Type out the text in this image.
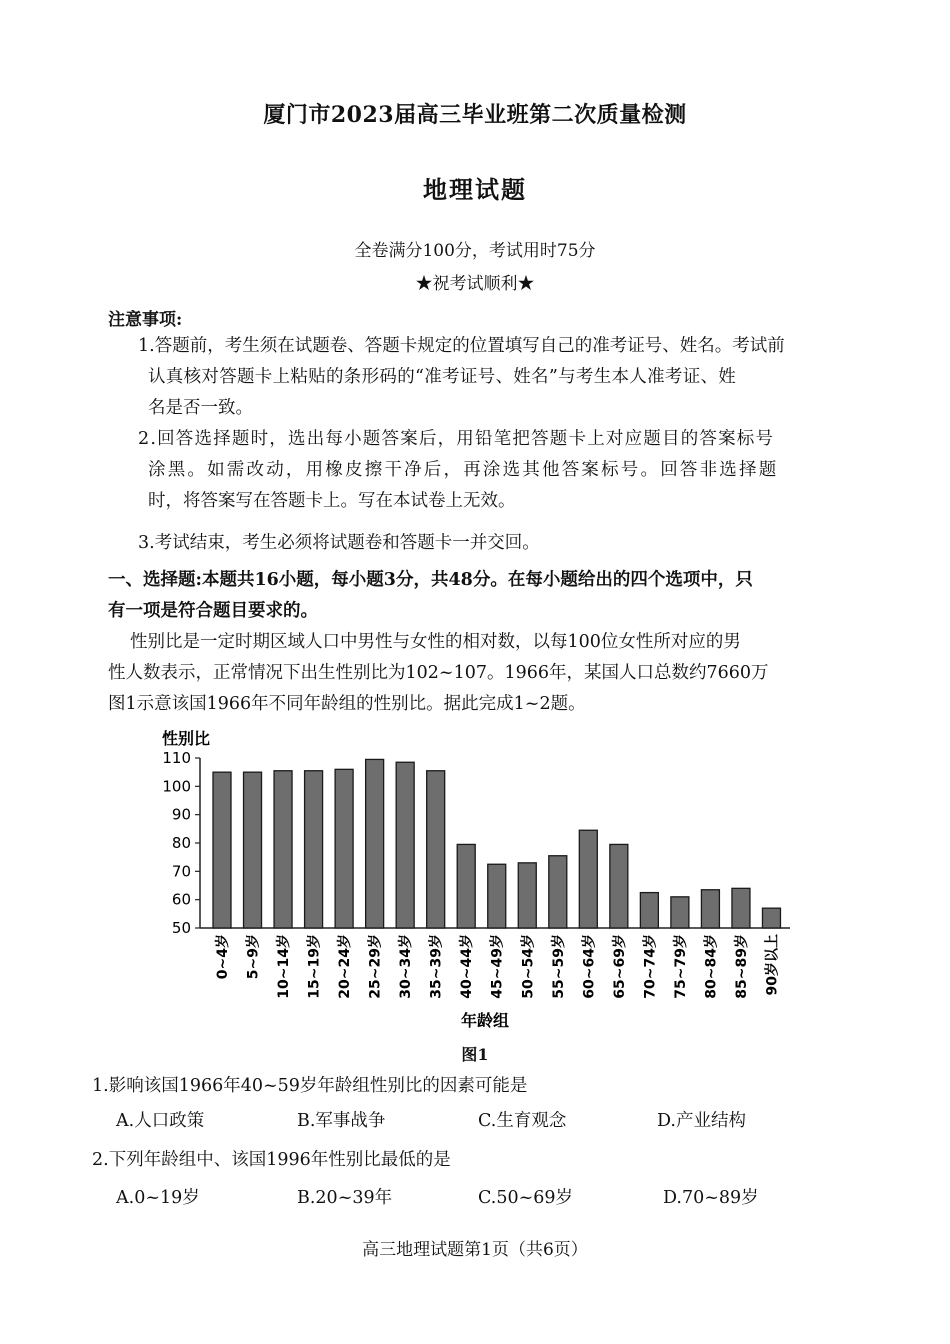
厦门市2023届高三毕业班第二次质量检测
地理试题
全卷满分100分，考试用时75分
★祝考试顺利★
注意事项:
1.答题前，考生须在试题卷、答题卡规定的位置填写自己的准考证号、姓名。考试前
认真核对答题卡上粘贴的条形码的“准考证号、姓名”与考生本人准考证、姓
名是否一致。
2.回答选择题时，选出每小题答案后，用铅笔把答题卡上对应题目的答案标号
涂黑。如需改动，用橡皮擦干净后，再涂选其他答案标号。回答非选择题
时，将答案写在答题卡上。写在本试卷上无效。
3.考试结束，考生必须将试题卷和答题卡一并交回。
一、选择题:本题共16小题，每小题3分，共48分。在每小题给出的四个选项中，只
有一项是符合题目要求的。
性别比是一定时期区域人口中男性与女性的相对数，以每100位女性所对应的男
性人数表示，正常情况下出生性别比为102~107。1966年，某国人口总数约7660万
图1示意该国1966年不同年龄组的性别比。据此完成1~2题。
性别比
50
60
70
80
90
100
110
0~4岁 5~9岁 10~14岁 15~19岁 20~24岁 25~29岁 30~34岁 35~39岁 40~44岁 45~49岁 50~54岁 55~59岁 60~64岁 65~69岁 70~74岁 75~79岁 80~84岁 85~89岁 90岁以上
年龄组
图1
1.影响该国1966年40~59岁年龄组性别比的因素可能是
A.人口政策	B.军事战争	C.生育观念	D.产业结构
2.下列年龄组中、该国1996年性别比最低的是
A.0~19岁	B.20~39年	C.50~69岁	D.70~89岁
高三地理试题第1页（共6页）
